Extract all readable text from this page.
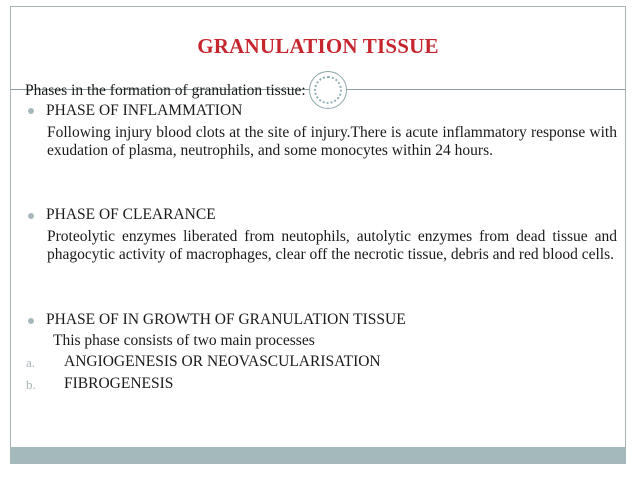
GRANULATION TISSUE
Phases in the formation of granulation tissue:
PHASE OF INFLAMMATION
Following injury blood clots at the site of injury.There is acute inflammatory response with exudation of plasma, neutrophils, and some monocytes within 24 hours.
PHASE OF CLEARANCE
Proteolytic enzymes liberated from neutophils, autolytic enzymes from dead tissue and phagocytic activity of macrophages, clear off the necrotic tissue, debris and red blood cells.
PHASE OF IN GROWTH OF GRANULATION TISSUE
This phase consists of two main processes
a. ANGIOGENESIS OR NEOVASCULARISATION
b. FIBROGENESIS
